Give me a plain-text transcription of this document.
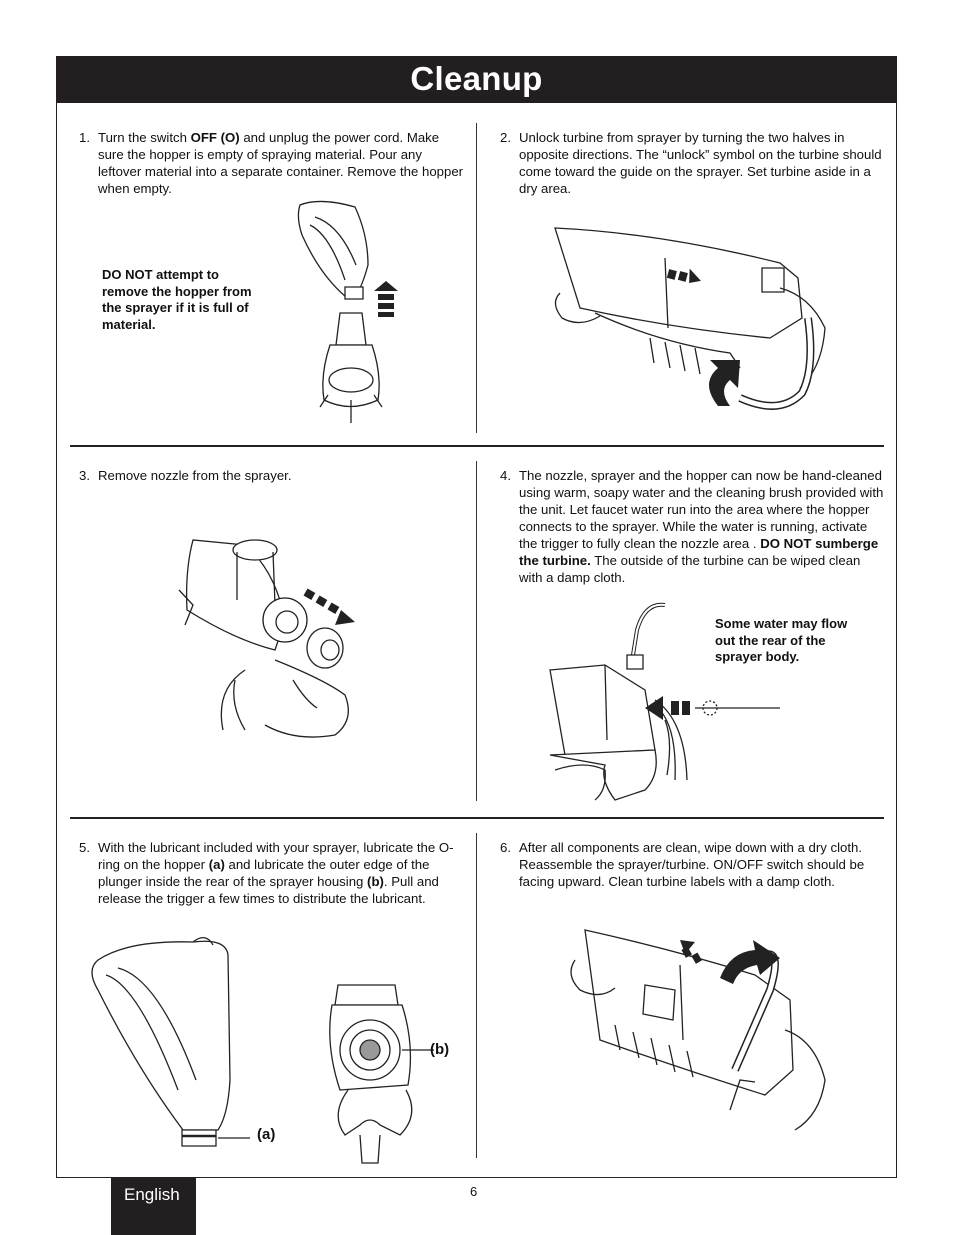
Cleanup
1. Turn the switch OFF (O) and unplug the power cord. Make sure the hopper is empty of spraying material. Pour any leftover material into a separate container. Remove the hopper when empty.
DO NOT attempt to remove the hopper from the sprayer if it is full of material.
2. Unlock turbine from sprayer by turning the two halves in opposite directions. The “unlock” symbol on the turbine should come toward the guide on the sprayer. Set turbine aside in a dry area.
3. Remove nozzle from the sprayer.	4. The nozzle, sprayer and the hopper can now be hand-cleaned using warm, soapy water and the cleaning brush provided with the unit. Let faucet water run into the area where the hopper connects to the sprayer. While the water is running, activate the trigger to fully clean the nozzle area . DO NOT sumberge the turbine. The outside of the turbine can be wiped clean with a damp cloth.
Some water may flow out the rear of the sprayer body.
5. With the lubricant included with your sprayer, lubricate the O-ring on the hopper (a) and lubricate the outer edge of the plunger inside the rear of the sprayer housing (b). Pull and release the trigger a few times to distribute the lubricant.
(a)
(b)
6. After all components are clean, wipe down with a dry cloth. Reassemble the sprayer/turbine. ON/OFF switch should be facing upward. Clean turbine labels with a damp cloth.
English	6
